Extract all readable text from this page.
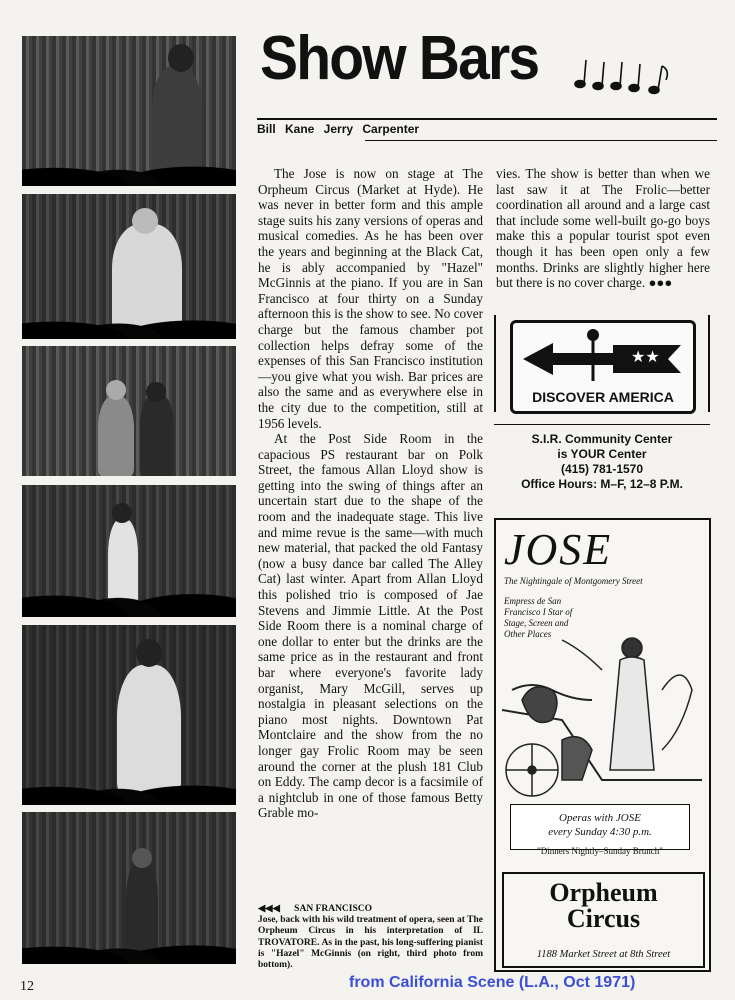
Show Bars
Bill Kane Jerry Carpenter

The Jose is now on stage at The Orpheum Circus (Market at Hyde). He was never in better form and this ample stage suits his zany versions of operas and musical comedies. As he has been over the years and beginning at the Black Cat, he is ably accompanied by "Hazel" McGinnis at the piano. If you are in San Francisco at four thirty on a Sunday afternoon this is the show to see. No cover charge but the famous chamber pot collection helps defray some of the expenses of this San Francisco institution—you give what you wish. Bar prices are also the same and as everywhere else in the city due to the competition, still at 1956 levels.

At the Post Side Room in the capacious PS restaurant bar on Polk Street, the famous Allan Lloyd show is getting into the swing of things after an uncertain start due to the shape of the room and the inadequate stage. This live and mime revue is the same—with much new material, that packed the old Fantasy (now a busy dance bar called The Alley Cat) last winter. Apart from Allan Lloyd this polished trio is composed of Jae Stevens and Jimmie Little. At the Post Side Room there is a nominal charge of one dollar to enter but the drinks are the same price as in the restaurant and front bar where everyone's favorite lady organist, Mary McGill, serves up nostalgia in pleasant selections on the piano most nights. Downtown Pat Montclaire and the show from the no longer gay Frolic Room may be seen around the corner at the plush 181 Club on Eddy. The camp decor is a facsimile of a nightclub in one of those famous Betty Grable mo-

vies. The show is better than when we last saw it at The Frolic—better coordination all around and a large cast that include some well-built go-go boys make this a popular tourist spot even though it has been open only a few months. Drinks are slightly higher here but there is no cover charge. ●●●

◀◀◀ SAN FRANCISCO
Jose, back with his wild treatment of opera, seen at The Orpheum Circus in his interpretation of IL TROVATORE. As in the past, his long-suffering pianist is "Hazel" McGinnis (on right, third photo from bottom).
★★
DISCOVER AMERICA
S.I.R. Community Center
is YOUR Center
(415) 781-1570
Office Hours: M–F, 12–8 P.M.
JOSE
The Nightingale of Montgomery Street
Empress de San Francisco I Star of Stage, Screen and Other Places
Operas with JOSE
every Sunday 4:30 p.m.
"Dinners Nightly–Sunday Brunch"
Orpheum
Circus
1188 Market Street at 8th Street
12	from California Scene (L.A., Oct 1971)
